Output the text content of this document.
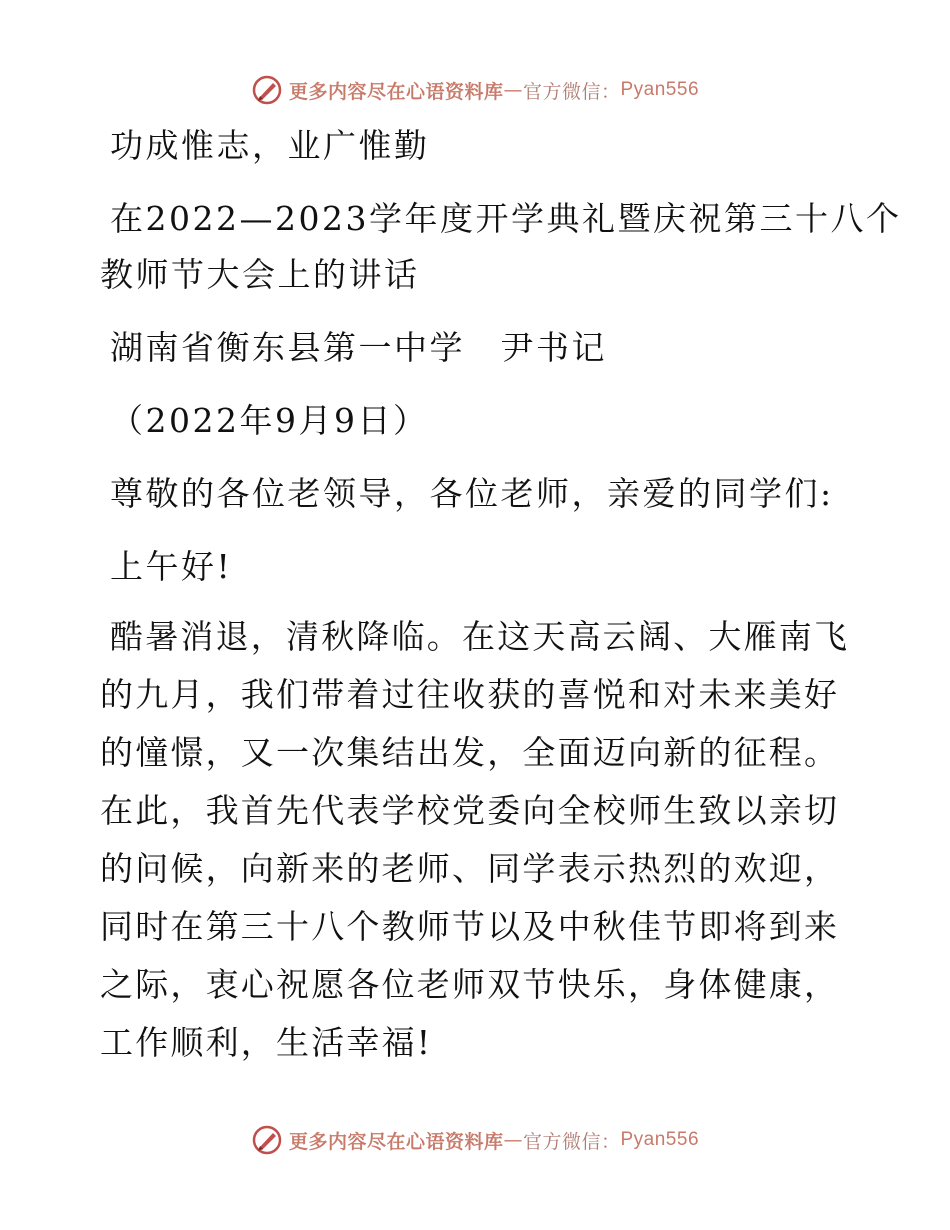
更多内容尽在心语资料库 — 官方微信： Pyan556
功成惟志，业广惟勤
在2022—2023学年度开学典礼暨庆祝第三十八个
教师节大会上的讲话
湖南省衡东县第一中学　尹书记
（2022年9月9日）
尊敬的各位老领导，各位老师，亲爱的同学们:
上午好!
酷暑消退，清秋降临。在这天高云阔、大雁南飞的九月，我们带着过往收获的喜悦和对未来美好的憧憬，又一次集结出发，全面迈向新的征程。在此，我首先代表学校党委向全校师生致以亲切的问候，向新来的老师、同学表示热烈的欢迎，同时在第三十八个教师节以及中秋佳节即将到来之际，衷心祝愿各位老师双节快乐，身体健康，工作顺利，生活幸福!
更多内容尽在心语资料库 — 官方微信： Pyan556
